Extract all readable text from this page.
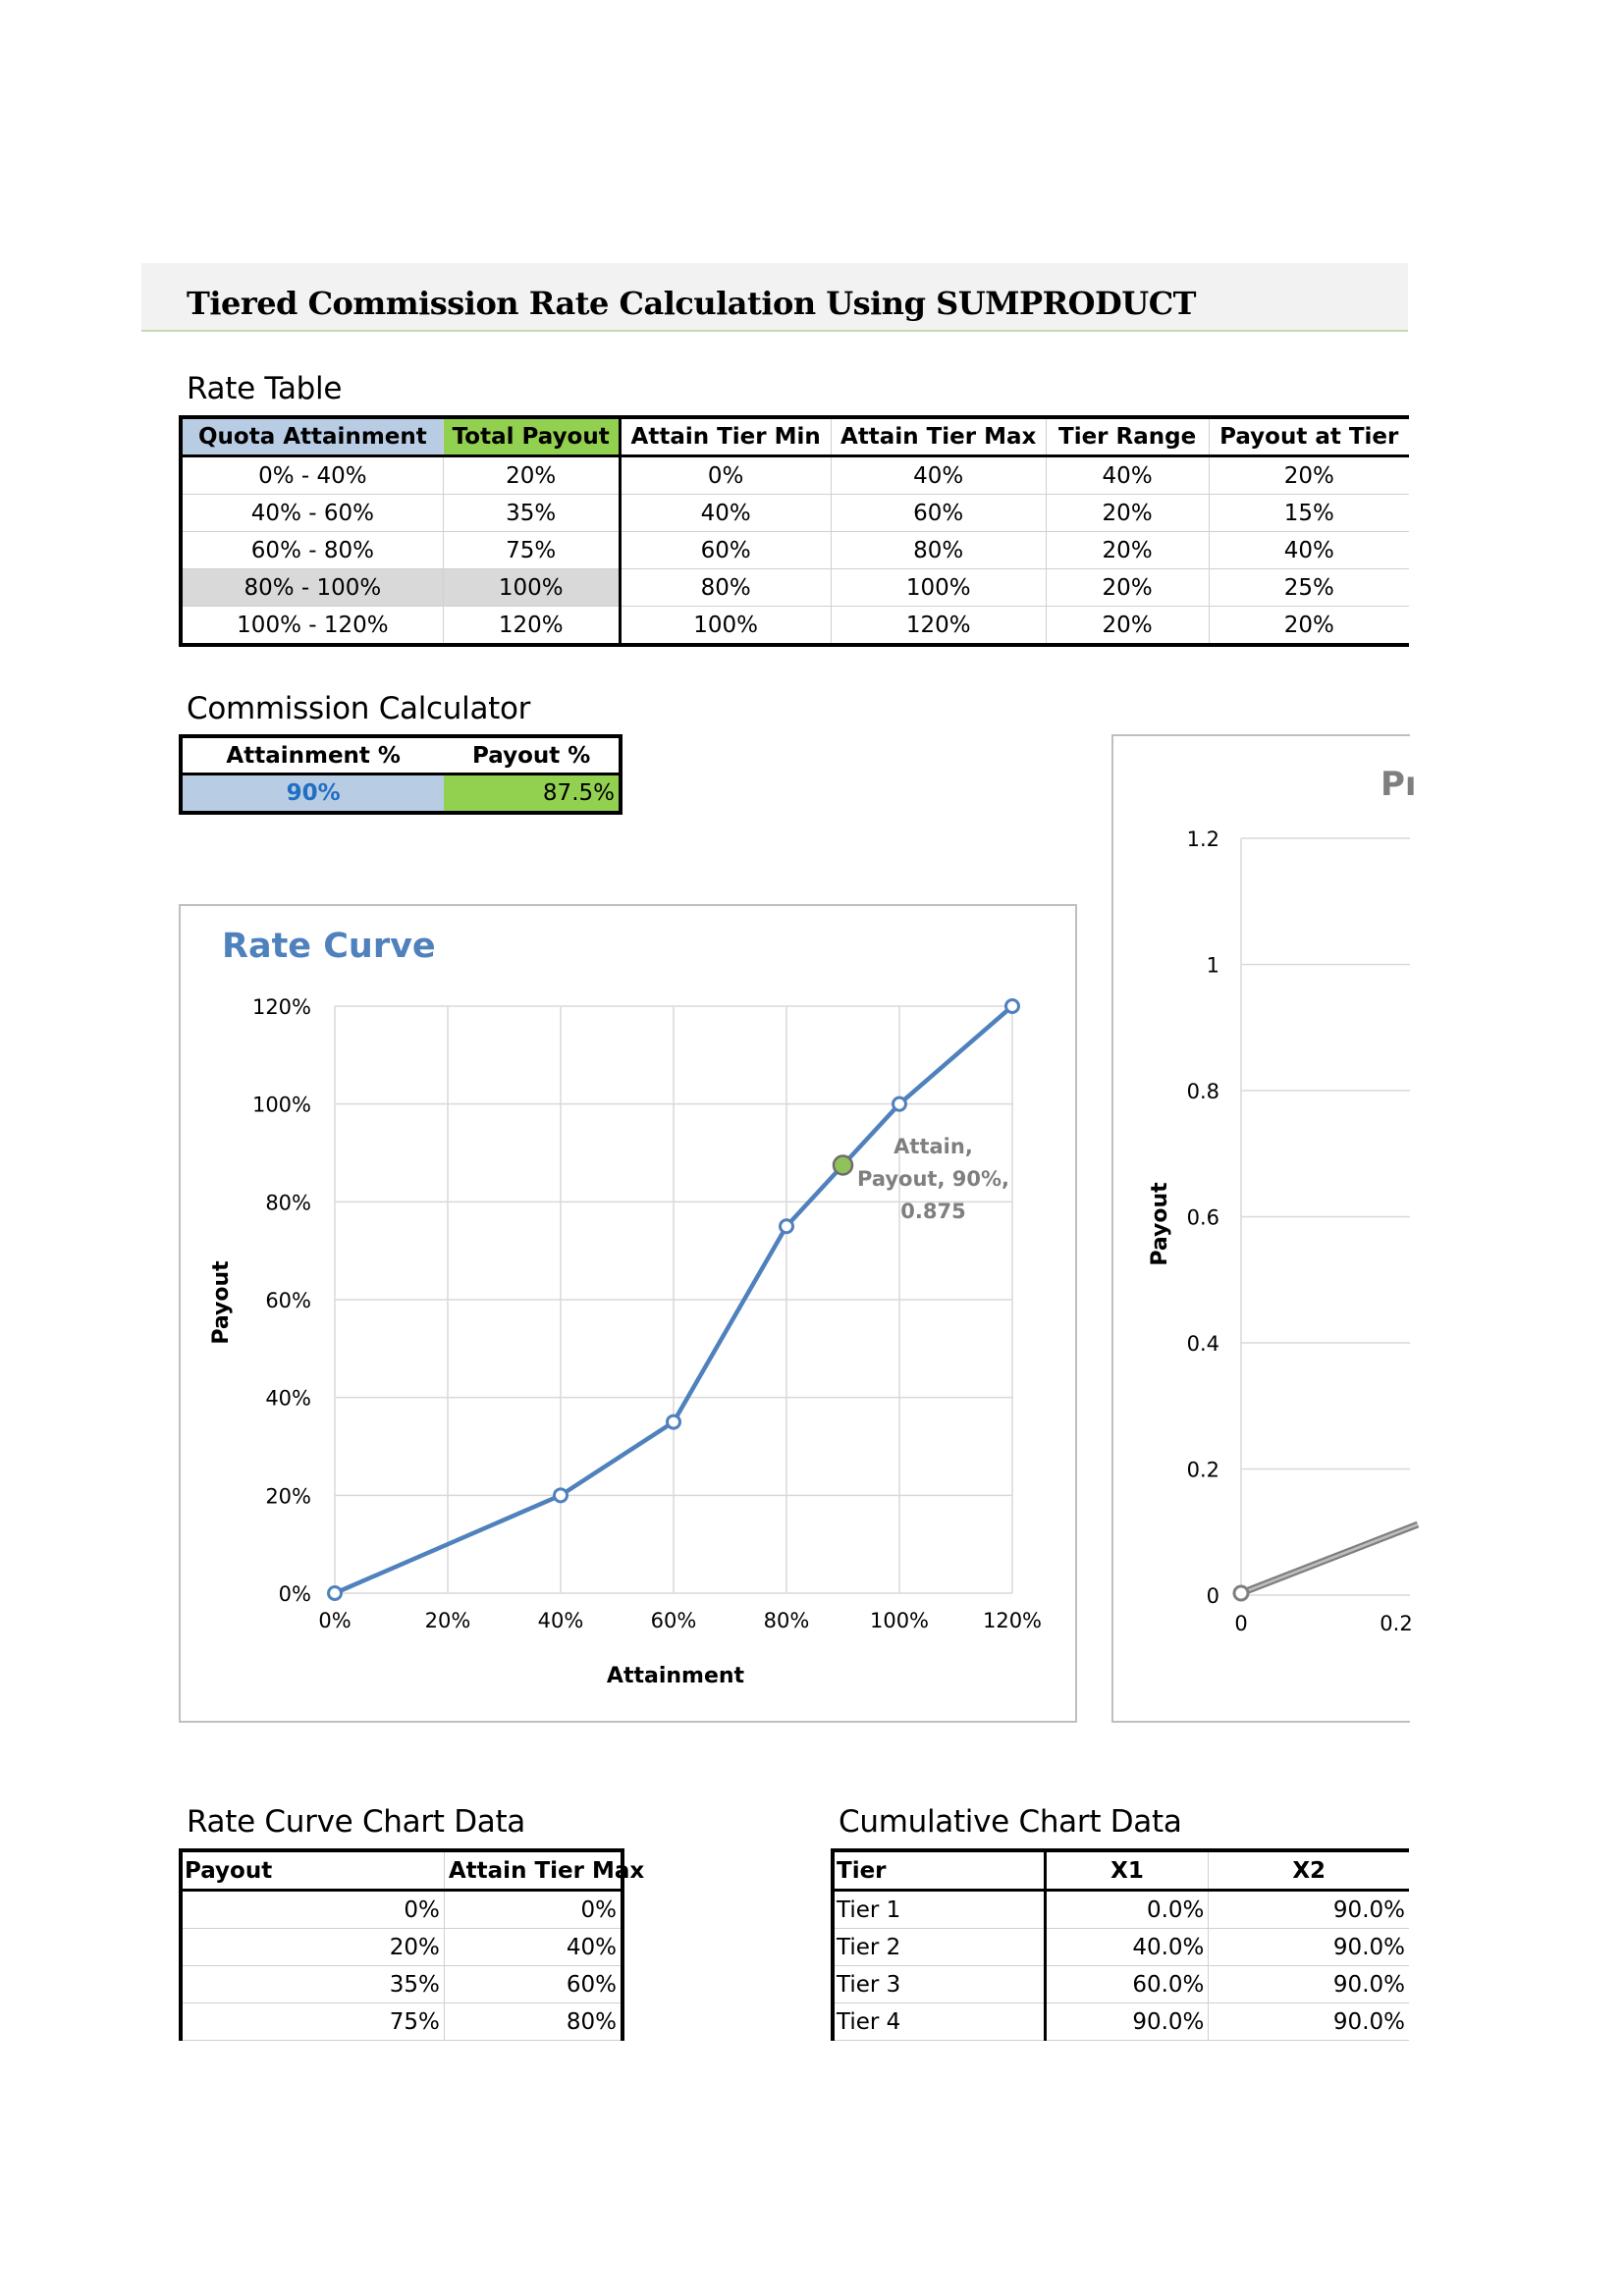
Tiered Commission Rate Calculation Using SUMPRODUCT
Rate Table
Quota Attainment	Total Payout	Attain Tier Min	Attain Tier Max	Tier Range	Payout at Tier
0% - 40%	20%	0%	40%	40%	20%
40% - 60%	35%	40%	60%	20%	15%
60% - 80%	75%	60%	80%	20%	40%
80% - 100%	100%	80%	100%	20%	25%
100% - 120%	120%	100%	120%	20%	20%
Commission Calculator
Attainment %	Payout %
90%	87.5%
Rate Curve
Payout
Attainment
0%	20%	40%	60%	80%	100%	120%
0%
20%
40%
60%
80%
100%
120%
Attain,
Payout, 90%,
0.875
Pı
Payout
0
0.2
0.4
0.6
0.8
1
1.2
0	0.2
Rate Curve Chart Data
Payout	Attain Tier Max
0%	0%
20%	40%
35%	60%
75%	80%
Cumulative Chart Data
Tier	X1	X2
Tier 1	0.0%	90.0%
Tier 2	40.0%	90.0%
Tier 3	60.0%	90.0%
Tier 4	90.0%	90.0%
